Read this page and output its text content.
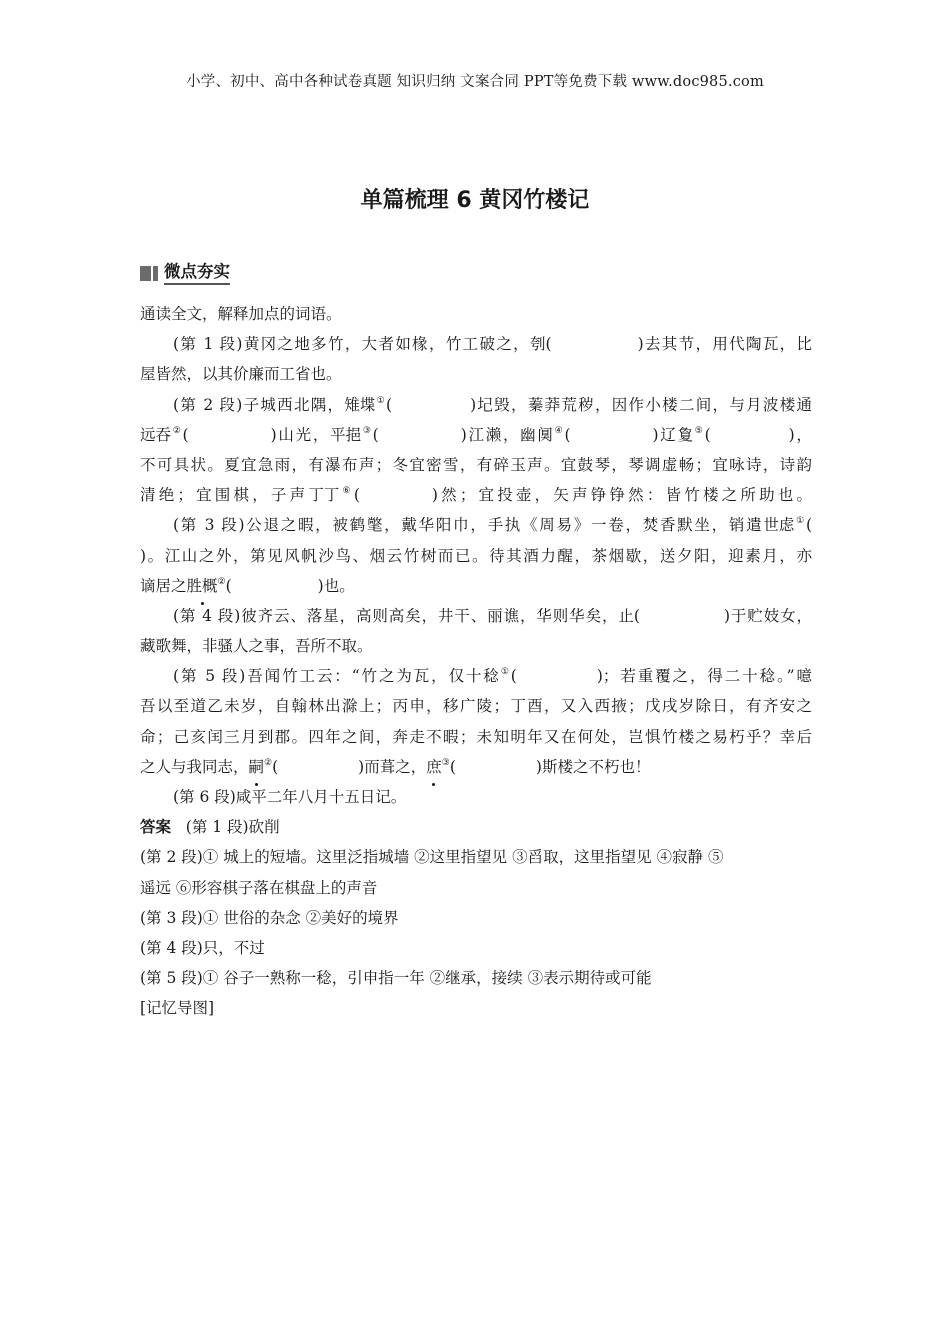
小学、初中、高中各种试卷真题 知识归纳 文案合同 PPT等免费下载 www.doc985.com
单篇梳理 6 黄冈竹楼记
微点夯实
通读全文，解释加点的词语。
(第 1 段)黄冈之地多竹，大者如椽，竹工破之，刳(	)去其节，用代陶瓦，比
屋皆然，以其价廉而工省也。
(第 2 段)子城西北隅，雉堞①(	)圮毁，蓁莽荒秽，因作小楼二间，与月波楼通
远吞②(	)山光，平挹③(	)江濑，幽阒④(	)辽夐⑤(	)，
不可具状。夏宜急雨，有瀑布声；冬宜密雪，有碎玉声。宜鼓琴，琴调虚畅；宜咏诗，诗韵
清绝；宜围棋，子声丁丁⑥(	)然；宜投壶，矢声铮铮然：皆竹楼之所助也。
(第 3 段)公退之暇，被鹤氅，戴华阳巾，手执《周易》一卷，焚香默坐，销遣世虑①(
)。江山之外，第见风帆沙鸟、烟云竹树而已。待其酒力醒，茶烟歇，送夕阳，迎素月，亦
谪居之胜概②(	)也。
(第 4 段)彼齐云、落星，高则高矣，井干、丽谯，华则华矣，止(	)于贮妓女，
藏歌舞，非骚人之事，吾所不取。
(第 5 段)吾闻竹工云：“竹之为瓦，仅十稔①(	)；若重覆之，得二十稔。”噫
吾以至道乙未岁，自翰林出滁上；丙申，移广陵；丁酉，又入西掖；戊戌岁除日，有齐安之
命；己亥闰三月到郡。四年之间，奔走不暇；未知明年又在何处，岂惧竹楼之易朽乎？幸后
之人与我同志，嗣②(	)而葺之，庶③(	)斯楼之不朽也！
(第 6 段)咸平二年八月十五日记。
答案 (第 1 段)砍削
(第 2 段)① 城上的短墙。这里泛指城墙 ②这里指望见 ③舀取，这里指望见 ④寂静 ⑤
遥远 ⑥形容棋子落在棋盘上的声音
(第 3 段)① 世俗的杂念 ②美好的境界
(第 4 段)只，不过
(第 5 段)① 谷子一熟称一稔，引申指一年 ②继承，接续 ③表示期待或可能
[记忆导图]
